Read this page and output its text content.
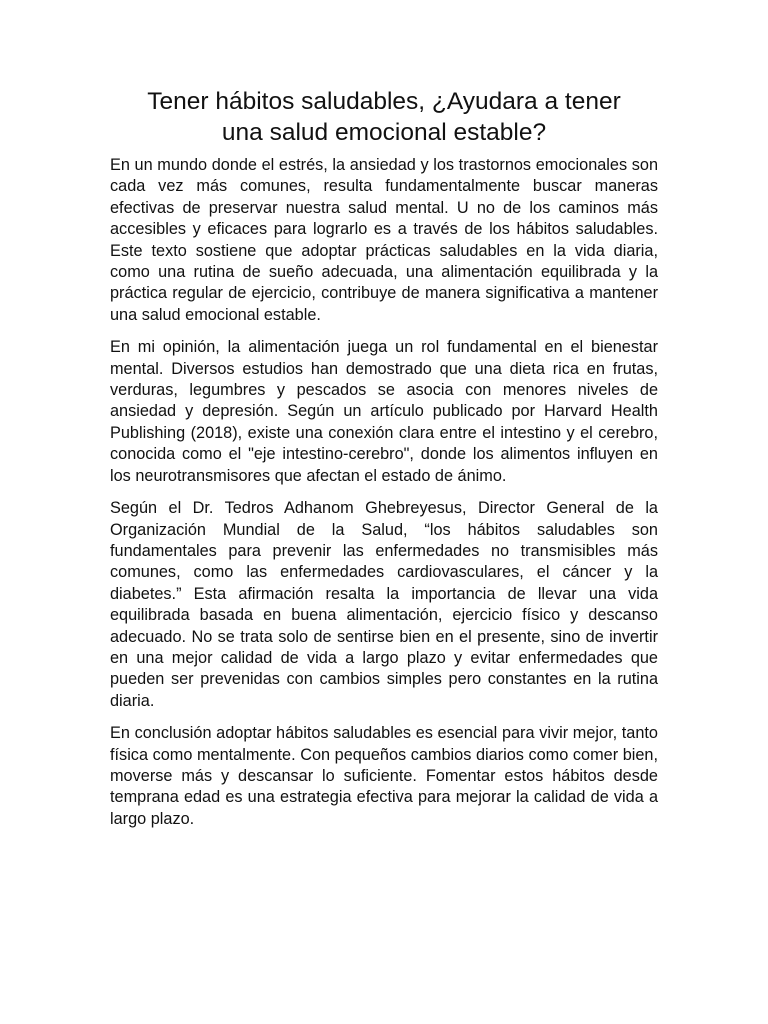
Tener hábitos saludables, ¿Ayudara a tener
una salud emocional estable?

En un mundo donde el estrés, la ansiedad y los trastornos emocionales son cada vez más comunes, resulta fundamentalmente buscar maneras efectivas de preservar nuestra salud mental. U no de los caminos más accesibles y eficaces para lograrlo es a través de los hábitos saludables. Este texto sostiene que adoptar prácticas saludables en la vida diaria, como una rutina de sueño adecuada, una alimentación equilibrada y la práctica regular de ejercicio, contribuye de manera significativa a mantener una salud emocional estable.

En mi opinión, la alimentación juega un rol fundamental en el bienestar mental. Diversos estudios han demostrado que una dieta rica en frutas, verduras, legumbres y pescados se asocia con menores niveles de ansiedad y depresión. Según un artículo publicado por Harvard Health Publishing (2018), existe una conexión clara entre el intestino y el cerebro, conocida como el "eje intestino-cerebro", donde los alimentos influyen en los neurotransmisores que afectan el estado de ánimo.

Según el Dr. Tedros Adhanom Ghebreyesus, Director General de la Organización Mundial de la Salud, “los hábitos saludables son fundamentales para prevenir las enfermedades no transmisibles más comunes, como las enfermedades cardiovasculares, el cáncer y la diabetes.” Esta afirmación resalta la importancia de llevar una vida equilibrada basada en buena alimentación, ejercicio físico y descanso adecuado. No se trata solo de sentirse bien en el presente, sino de invertir en una mejor calidad de vida a largo plazo y evitar enfermedades que pueden ser prevenidas con cambios simples pero constantes en la rutina diaria.

En conclusión adoptar hábitos saludables es esencial para vivir mejor, tanto física como mentalmente. Con pequeños cambios diarios como comer bien, moverse más y descansar lo suficiente. Fomentar estos hábitos desde temprana edad es una estrategia efectiva para mejorar la calidad de vida a largo plazo.
